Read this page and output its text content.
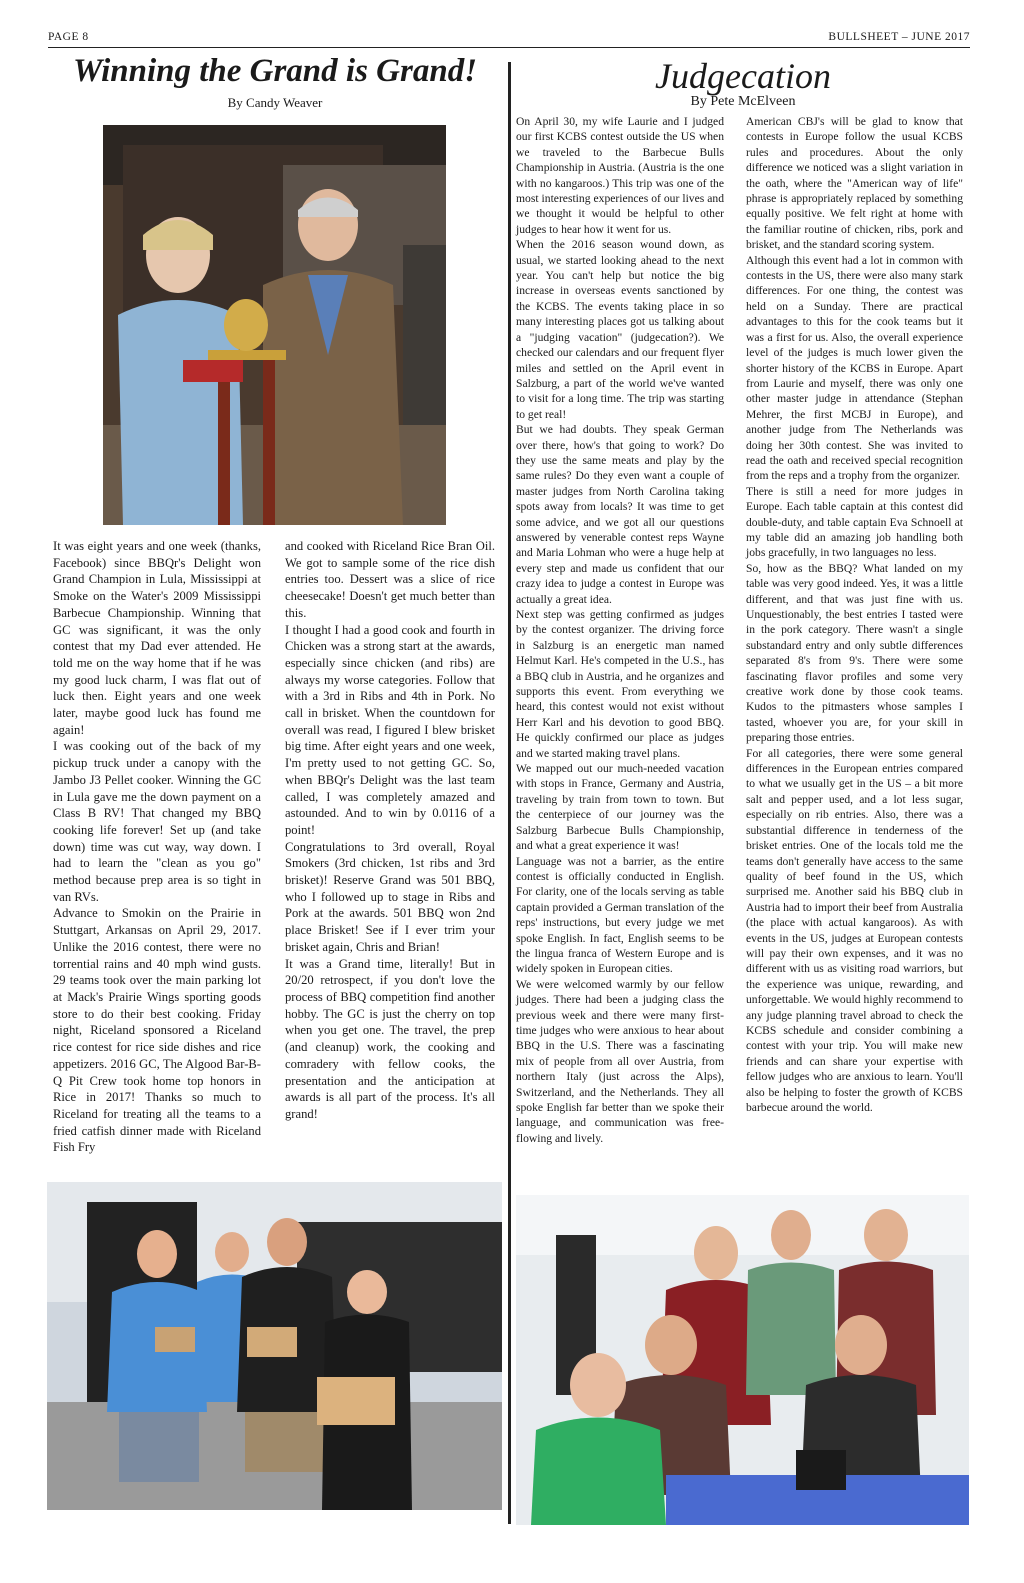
PAGE 8	BULLSHEET – JUNE 2017
Winning the Grand is Grand!
By Candy Weaver

It was eight years and one week (thanks, Facebook) since BBQr's Delight won Grand Champion in Lula, Mississippi at Smoke on the Water's 2009 Mississippi Barbecue Championship. Winning that GC was significant, it was the only contest that my Dad ever attended. He told me on the way home that if he was my good luck charm, I was flat out of luck then. Eight years and one week later, maybe good luck has found me again!

I was cooking out of the back of my pickup truck under a canopy with the Jambo J3 Pellet cooker. Winning the GC in Lula gave me the down payment on a Class B RV! That changed my BBQ cooking life forever! Set up (and take down) time was cut way, way down. I had to learn the "clean as you go" method because prep area is so tight in van RVs.

Advance to Smokin on the Prairie in Stuttgart, Arkansas on April 29, 2017. Unlike the 2016 contest, there were no torrential rains and 40 mph wind gusts. 29 teams took over the main parking lot at Mack's Prairie Wings sporting goods store to do their best cooking. Friday night, Riceland sponsored a Riceland rice contest for rice side dishes and rice appetizers. 2016 GC, The Algood Bar-B-Q Pit Crew took home top honors in Rice in 2017! Thanks so much to Riceland for treating all the teams to a fried catfish dinner made with Riceland Fish Fry

and cooked with Riceland Rice Bran Oil. We got to sample some of the rice dish entries too. Dessert was a slice of rice cheesecake! Doesn't get much better than this.

I thought I had a good cook and fourth in Chicken was a strong start at the awards, especially since chicken (and ribs) are always my worse categories. Follow that with a 3rd in Ribs and 4th in Pork. No call in brisket. When the countdown for overall was read, I figured I blew brisket big time. After eight years and one week, I'm pretty used to not getting GC. So, when BBQr's Delight was the last team called, I was completely amazed and astounded. And to win by 0.0116 of a point!

Congratulations to 3rd overall, Royal Smokers (3rd chicken, 1st ribs and 3rd brisket)! Reserve Grand was 501 BBQ, who I followed up to stage in Ribs and Pork at the awards. 501 BBQ won 2nd place Brisket! See if I ever trim your brisket again, Chris and Brian!

It was a Grand time, literally! But in 20/20 retrospect, if you don't love the process of BBQ competition find another hobby. The GC is just the cherry on top when you get one. The travel, the prep (and cleanup) work, the cooking and comradery with fellow cooks, the presentation and the anticipation at awards is all part of the process. It's all grand!

Judgecation
By Pete McElveen

On April 30, my wife Laurie and I judged our first KCBS contest outside the US when we traveled to the Barbecue Bulls Championship in Austria. (Austria is the one with no kangaroos.) This trip was one of the most interesting experiences of our lives and we thought it would be helpful to other judges to hear how it went for us.

When the 2016 season wound down, as usual, we started looking ahead to the next year. You can't help but notice the big increase in overseas events sanctioned by the KCBS. The events taking place in so many interesting places got us talking about a "judging vacation" (judgecation?). We checked our calendars and our frequent flyer miles and settled on the April event in Salzburg, a part of the world we've wanted to visit for a long time. The trip was starting to get real!

But we had doubts. They speak German over there, how's that going to work? Do they use the same meats and play by the same rules? Do they even want a couple of master judges from North Carolina taking spots away from locals? It was time to get some advice, and we got all our questions answered by venerable contest reps Wayne and Maria Lohman who were a huge help at every step and made us confident that our crazy idea to judge a contest in Europe was actually a great idea.

Next step was getting confirmed as judges by the contest organizer. The driving force in Salzburg is an energetic man named Helmut Karl. He's competed in the U.S., has a BBQ club in Austria, and he organizes and supports this event. From everything we heard, this contest would not exist without Herr Karl and his devotion to good BBQ. He quickly confirmed our place as judges and we started making travel plans.

We mapped out our much-needed vacation with stops in France, Germany and Austria, traveling by train from town to town. But the centerpiece of our journey was the Salzburg Barbecue Bulls Championship, and what a great experience it was!

Language was not a barrier, as the entire contest is officially conducted in English. For clarity, one of the locals serving as table captain provided a German translation of the reps' instructions, but every judge we met spoke English. In fact, English seems to be the lingua franca of Western Europe and is widely spoken in European cities.

We were welcomed warmly by our fellow judges. There had been a judging class the previous week and there were many first-time judges who were anxious to hear about BBQ in the U.S. There was a fascinating mix of people from all over Austria, from northern Italy (just across the Alps), Switzerland, and the Netherlands. They all spoke English far better than we spoke their language, and communication was free-flowing and lively.

American CBJ's will be glad to know that contests in Europe follow the usual KCBS rules and procedures. About the only difference we noticed was a slight variation in the oath, where the "American way of life" phrase is appropriately replaced by something equally positive. We felt right at home with the familiar routine of chicken, ribs, pork and brisket, and the standard scoring system.

Although this event had a lot in common with contests in the US, there were also many stark differences. For one thing, the contest was held on a Sunday. There are practical advantages to this for the cook teams but it was a first for us. Also, the overall experience level of the judges is much lower given the shorter history of the KCBS in Europe. Apart from Laurie and myself, there was only one other master judge in attendance (Stephan Mehrer, the first MCBJ in Europe), and another judge from The Netherlands was doing her 30th contest. She was invited to read the oath and received special recognition from the reps and a trophy from the organizer.

There is still a need for more judges in Europe. Each table captain at this contest did double-duty, and table captain Eva Schnoell at my table did an amazing job handling both jobs gracefully, in two languages no less.

So, how as the BBQ? What landed on my table was very good indeed. Yes, it was a little different, and that was just fine with us. Unquestionably, the best entries I tasted were in the pork category. There wasn't a single substandard entry and only subtle differences separated 8's from 9's. There were some fascinating flavor profiles and some very creative work done by those cook teams. Kudos to the pitmasters whose samples I tasted, whoever you are, for your skill in preparing those entries.

For all categories, there were some general differences in the European entries compared to what we usually get in the US – a bit more salt and pepper used, and a lot less sugar, especially on rib entries. Also, there was a substantial difference in tenderness of the brisket entries. One of the locals told me the teams don't generally have access to the same quality of beef found in the US, which surprised me. Another said his BBQ club in Austria had to import their beef from Australia (the place with actual kangaroos). As with events in the US, judges at European contests will pay their own expenses, and it was no different with us as visiting road warriors, but the experience was unique, rewarding, and unforgettable. We would highly recommend to any judge planning travel abroad to check the KCBS schedule and consider combining a contest with your trip. You will make new friends and can share your expertise with fellow judges who are anxious to learn. You'll also be helping to foster the growth of KCBS barbecue around the world.
